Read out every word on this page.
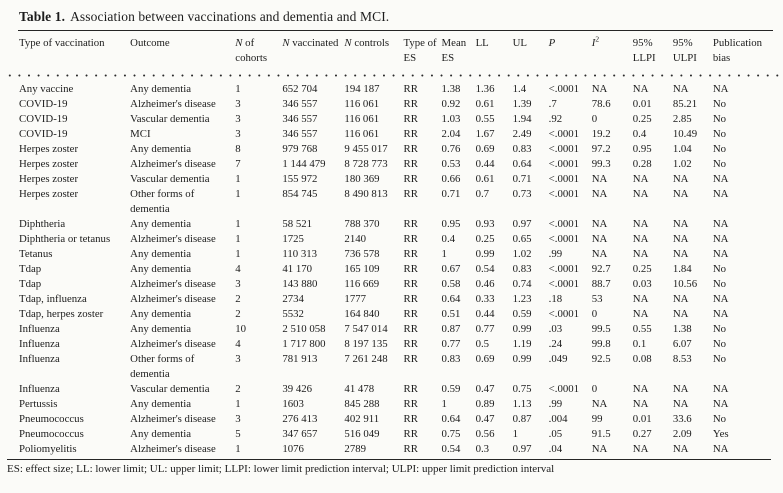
Table 1. Association between vaccinations and dementia and MCI.
Type of vaccination	Outcome	N of cohorts	N vaccinated	N controls	Type of ES	Mean ES	LL	UL	P	$I^2$	95% LLPI	95% ULPI	Publication bias
Any vaccine	Any dementia	1	652 704	194 187	RR	1.38	1.36	1.4	<.0001	NA	NA	NA	NA
COVID-19	Alzheimer's disease	3	346 557	116 061	RR	0.92	0.61	1.39	.7	78.6	0.01	85.21	No
COVID-19	Vascular dementia	3	346 557	116 061	RR	1.03	0.55	1.94	.92	0	0.25	2.85	No
COVID-19	MCI	3	346 557	116 061	RR	2.04	1.67	2.49	<.0001	19.2	0.4	10.49	No
Herpes zoster	Any dementia	8	979 768	9 455 017	RR	0.76	0.69	0.83	<.0001	97.2	0.95	1.04	No
Herpes zoster	Alzheimer's disease	7	1 144 479	8 728 773	RR	0.53	0.44	0.64	<.0001	99.3	0.28	1.02	No
Herpes zoster	Vascular dementia	1	155 972	180 369	RR	0.66	0.61	0.71	<.0001	NA	NA	NA	NA
Herpes zoster	Other forms of dementia	1	854 745	8 490 813	RR	0.71	0.7	0.73	<.0001	NA	NA	NA	NA
Diphtheria	Any dementia	1	58 521	788 370	RR	0.95	0.93	0.97	<.0001	NA	NA	NA	NA
Diphtheria or tetanus	Alzheimer's disease	1	1725	2140	RR	0.4	0.25	0.65	<.0001	NA	NA	NA	NA
Tetanus	Any dementia	1	110 313	736 578	RR	1	0.99	1.02	.99	NA	NA	NA	NA
Tdap	Any dementia	4	41 170	165 109	RR	0.67	0.54	0.83	<.0001	92.7	0.25	1.84	No
Tdap	Alzheimer's disease	3	143 880	116 669	RR	0.58	0.46	0.74	<.0001	88.7	0.03	10.56	No
Tdap, influenza	Alzheimer's disease	2	2734	1777	RR	0.64	0.33	1.23	.18	53	NA	NA	NA
Tdap, herpes zoster	Any dementia	2	5532	164 840	RR	0.51	0.44	0.59	<.0001	0	NA	NA	NA
Influenza	Any dementia	10	2 510 058	7 547 014	RR	0.87	0.77	0.99	.03	99.5	0.55	1.38	No
Influenza	Alzheimer's disease	4	1 717 800	8 197 135	RR	0.77	0.5	1.19	.24	99.8	0.1	6.07	No
Influenza	Other forms of dementia	3	781 913	7 261 248	RR	0.83	0.69	0.99	.049	92.5	0.08	8.53	No
Influenza	Vascular dementia	2	39 426	41 478	RR	0.59	0.47	0.75	<.0001	0	NA	NA	NA
Pertussis	Any dementia	1	1603	845 288	RR	1	0.89	1.13	.99	NA	NA	NA	NA
Pneumococcus	Alzheimer's disease	3	276 413	402 911	RR	0.64	0.47	0.87	.004	99	0.01	33.6	No
Pneumococcus	Any dementia	5	347 657	516 049	RR	0.75	0.56	1	.05	91.5	0.27	2.09	Yes
Poliomyelitis	Alzheimer's disease	1	1076	2789	RR	0.54	0.3	0.97	.04	NA	NA	NA	NA
ES: effect size; LL: lower limit; UL: upper limit; LLPI: lower limit prediction interval; ULPI: upper limit prediction interval
